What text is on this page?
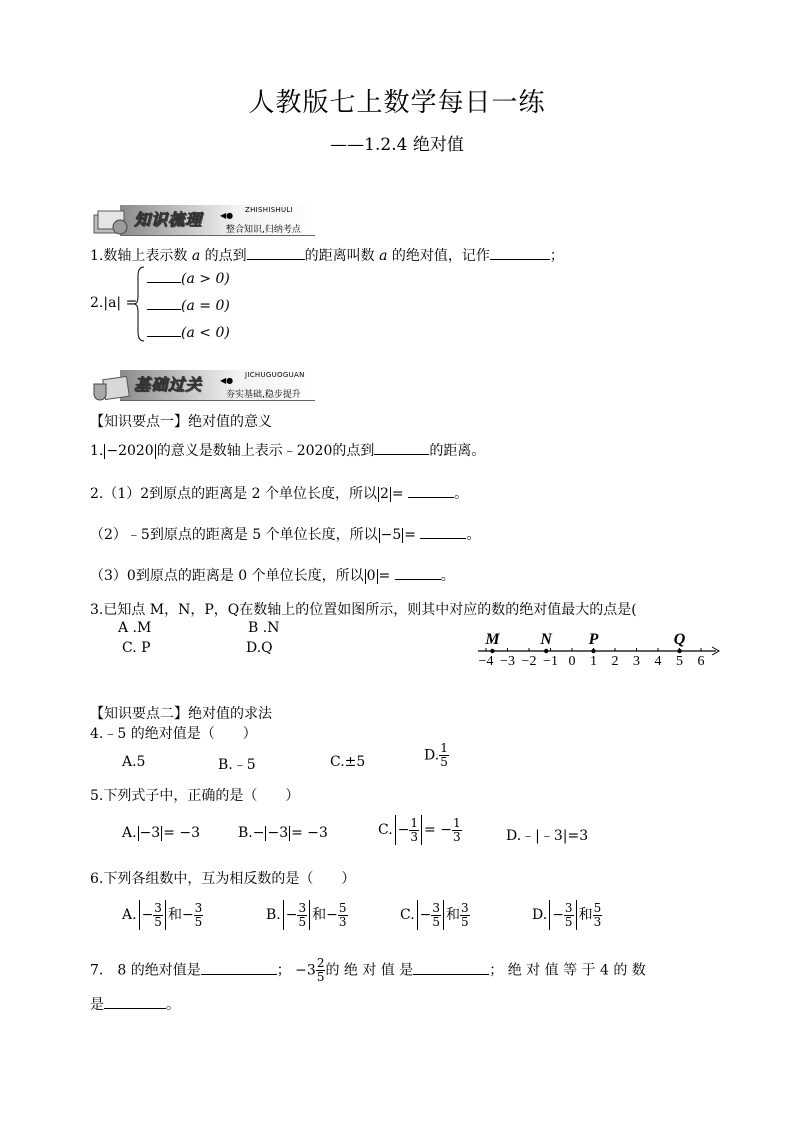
人教版七上数学每日一练
——1.2.4 绝对值
知识梳理 ◀●
ZHISHISHULI
整合知识,归纳考点
1.数轴上表示数 a 的点到	的距离叫数 a 的绝对值，记作	；
2.|a| =
(a > 0)
(a = 0)
(a < 0)
基础过关 ◀●
JICHUGUOGUAN
夯实基础,稳步提升
【知识要点一】绝对值的意义
1. −2020 的意义是数轴上表示﹣2020的点到	的距离。
2.（1）2到原点的距离是 2 个单位长度，所以 2 =	。
（2）﹣5到原点的距离是 5 个单位长度，所以 −5 =	。
（3）0到原点的距离是 0 个单位长度，所以 0 =	。
3.已知点 M，N，P，Q在数轴上的位置如图所示，则其中对应的数的绝对值最大的点是(
A .M	B .N
C. P	D.Q
−4 −3 −2 −1 0 1 2 3 4 5 6
M	N P	Q
【知识要点二】绝对值的求法
4.﹣5 的绝对值是（　　）
A.5	B.﹣5	C.±5	D. $\frac{1}{5}$
5.下列式子中，正确的是（　　）
A. −3 = −3	B.− −3 = −3	C. − $\frac{1}{3}$ = − $\frac{1}{3}$	D.﹣|﹣3|=3
6.下列各组数中，互为相反数的是（　　）
A. − $\frac{3}{5}$ 和− $\frac{3}{5}$	B. − $\frac{3}{5}$ 和− $\frac{5}{3}$	C. − $\frac{3}{5}$ 和 $\frac{3}{5}$	D. − $\frac{3}{5}$ 和 $\frac{5}{3}$
7.　8 的绝对值是	； $-3 \frac{2}{5}$ 的 绝 对 值 是	； 绝 对 值 等 于 4 的 数
是	。
